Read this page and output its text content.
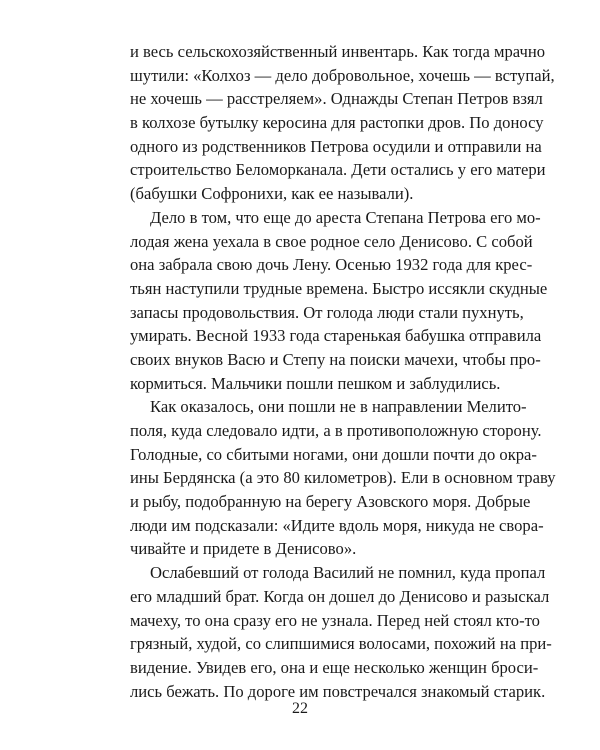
и весь сельскохозяйственный инвентарь. Как тогда мрачно
шутили: «Колхоз — дело добровольное, хочешь — вступай,
не хочешь — расстреляем». Однажды Степан Петров взял
в колхозе бутылку керосина для растопки дров. По доносу
одного из родственников Петрова осудили и отправили на
строительство Беломорканала. Дети остались у его матери
(бабушки Софронихи, как ее называли).
Дело в том, что еще до ареста Степана Петрова его мо-
лодая жена уехала в свое родное село Денисово. С собой
она забрала свою дочь Лену. Осенью 1932 года для крес-
тьян наступили трудные времена. Быстро иссякли скудные
запасы продовольствия. От голода люди стали пухнуть,
умирать. Весной 1933 года старенькая бабушка отправила
своих внуков Васю и Степу на поиски мачехи, чтобы про-
кормиться. Мальчики пошли пешком и заблудились.
Как оказалось, они пошли не в направлении Мелито-
поля, куда следовало идти, а в противоположную сторону.
Голодные, со сбитыми ногами, они дошли почти до окра-
ины Бердянска (а это 80 километров). Ели в основном траву
и рыбу, подобранную на берегу Азовского моря. Добрые
люди им подсказали: «Идите вдоль моря, никуда не свора-
чивайте и придете в Денисово».
Ослабевший от голода Василий не помнил, куда пропал
его младший брат. Когда он дошел до Денисово и разыскал
мачеху, то она сразу его не узнала. Перед ней стоял кто-то
грязный, худой, со слипшимися волосами, похожий на при-
видение. Увидев его, она и еще несколько женщин броси-
лись бежать. По дороге им повстречался знакомый старик.
22
